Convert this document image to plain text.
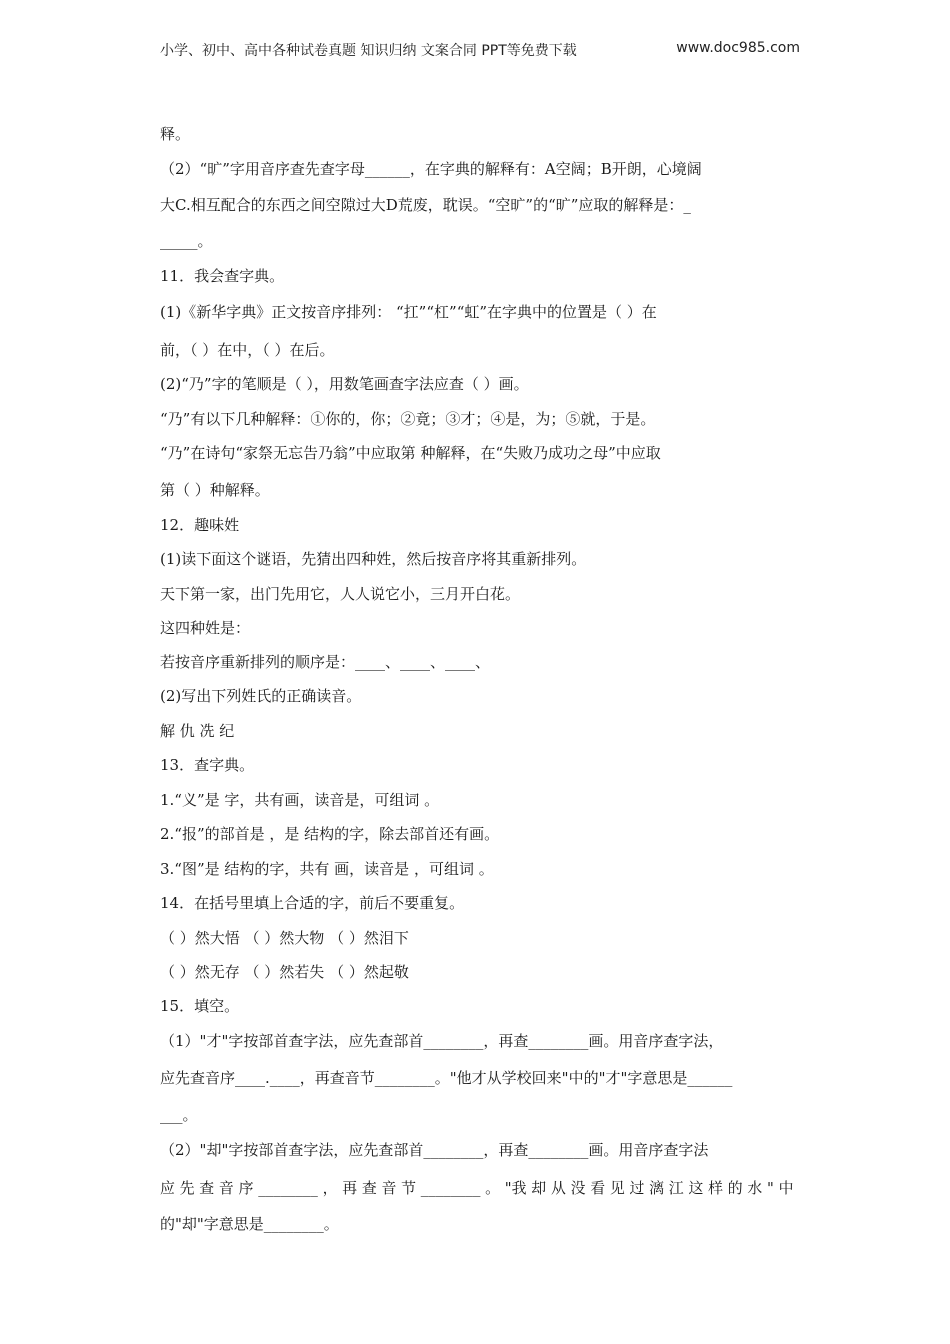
小学、初中、高中各种试卷真题 知识归纳 文案合同 PPT等免费下载	www.doc985.com
释。
（2）“旷”字用音序查先查字母______，在字典的解释有：A空阔；B开朗，心境阔
大C.相互配合的东西之间空隙过大D荒废，耽误。“空旷”的“旷”应取的解释是：_
_____。
11．我会查字典。
(1)《新华字典》正文按音序排列： “扛”“杠”“虹”在字典中的位置是（ ）在
前，（ ）在中，（ ）在后。
(2)“乃”字的笔顺是（ ），用数笔画查字法应查（ ）画。
“乃”有以下几种解释：①你的，你；②竟；③才；④是，为；⑤就，于是。
“乃”在诗句“家祭无忘告乃翁”中应取第 种解释，在“失败乃成功之母”中应取
第（ ）种解释。
12．趣味姓
(1)读下面这个谜语，先猜出四种姓，然后按音序将其重新排列。
天下第一家，出门先用它，人人说它小，三月开白花。
这四种姓是：
若按音序重新排列的顺序是：____、____、____、
(2)写出下列姓氏的正确读音。
解 仇 冼 纪
13．查字典。
1.“义”是 字，共有画，读音是，可组词 。
2.“报”的部首是 ，是 结构的字，除去部首还有画。
3.“图”是 结构的字，共有 画，读音是 ，可组词 。
14．在括号里填上合适的字，前后不要重复。
（ ）然大悟 （ ）然大物 （ ）然泪下
（ ）然无存 （ ）然若失 （ ）然起敬
15．填空。
（1）"才"字按部首查字法，应先查部首________，再查________画。用音序查字法，
应先查音序____.____，再查音节________。"他才从学校回来"中的"才"字意思是______
___。
（2）"却"字按部首查字法，应先查部首________，再查________画。用音序查字法
应 先 查 音 序 ________ ， 再 查 音 节 ________ 。 "我 却 从 没 看 见 过 漓 江 这 样 的 水 " 中
的"却"字意思是________。
